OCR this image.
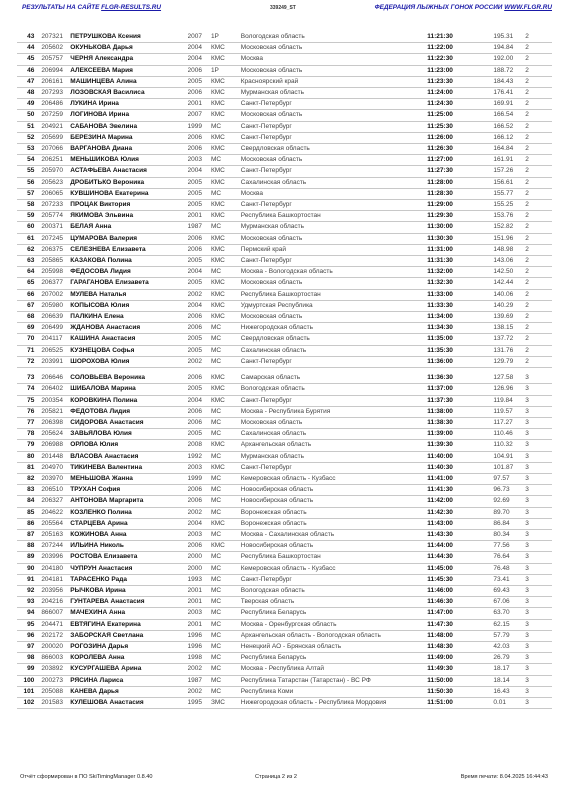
РЕЗУЛЬТАТЫ НА САЙТЕ FLGR-RESULTS.RU	339249_ST	ФЕДЕРАЦИЯ ЛЫЖНЫХ ГОНОК РОССИИ WWW.FLGR.RU
43	207321	ПЕТРУШКОВА Ксения	2007	1Р	Вологодская область	11:21:30	195.31	2
44	205602	ОКУНЬКОВА Дарья	2004	КМС	Московская область	11:22:00	194.84	2
45	205757	ЧЕРНЯ Александра	2004	КМС	Москва	11:22:30	192.00	2
46	206994	АЛЕКСЕЕВА Мария	2006	1Р	Московская область	11:23:00	188.72	2
47	206161	МАШИНЦЕВА Алина	2005	КМС	Красноярский край	11:23:30	184.43	2
48	207293	ЛОЗОВСКАЯ Василиса	2006	КМС	Мурманская область	11:24:00	176.41	2
49	206486	ЛУКИНА Ирина	2001	КМС	Санкт-Петербург	11:24:30	169.91	2
50	207259	ЛОГИНОВА Ирина	2007	КМС	Московская область	11:25:00	166.54	2
51	204921	САБАНОВА Эвелина	1999	МС	Санкт-Петербург	11:25:30	166.52	2
52	205699	БЕРЕЗИНА Марина	2006	КМС	Санкт-Петербург	11:26:00	166.12	2
53	207066	ВАРГАНОВА Диана	2006	КМС	Свердловская область	11:26:30	164.84	2
54	206251	МЕНЬШИКОВА Юлия	2003	МС	Московская область	11:27:00	161.91	2
55	205970	АСТАФЬЕВА Анастасия	2004	КМС	Санкт-Петербург	11:27:30	157.26	2
56	205623	ДРОБИТЬКО Вероника	2005	КМС	Сахалинская область	11:28:00	156.61	2
57	206065	КУВШИНОВА Екатерина	2005	МС	Москва	11:28:30	155.77	2
58	207233	ПРОЦАК Виктория	2005	КМС	Санкт-Петербург	11:29:00	155.25	2
59	205774	ЯКИМОВА Эльвина	2001	КМС	Республика Башкортостан	11:29:30	153.76	2
60	200371	БЕЛАЯ Анна	1987	МС	Мурманская область	11:30:00	152.82	2
61	207245	ЦУМАРОВА Валерия	2006	КМС	Московская область	11:30:30	151.96	2
62	206375	СЕЛЕЗНЕВА Елизавета	2006	КМС	Пермский край	11:31:00	148.98	2
63	205865	КАЗАКОВА Полина	2005	КМС	Санкт-Петербург	11:31:30	143.06	2
64	205998	ФЕДОСОВА Лидия	2004	МС	Москва - Вологодская область	11:32:00	142.50	2
65	206377	ГАРАГАНОВА Елизавета	2005	КМС	Московская область	11:32:30	142.44	2
66	207002	МУЛЕВА Наталья	2002	КМС	Республика Башкортостан	11:33:00	140.06	2
67	205980	КОПЫСОВА Юлия	2004	КМС	Удмуртская Республика	11:33:30	140.29	2
68	206639	ПАЛКИНА Елена	2006	КМС	Московская область	11:34:00	139.69	2
69	206499	ЖДАНОВА Анастасия	2006	МС	Нижегородская область	11:34:30	138.15	2
70	204117	КАШИНА Анастасия	2005	МС	Свердловская область	11:35:00	137.72	2
71	206525	КУЗНЕЦОВА Софья	2005	МС	Сахалинская область	11:35:30	131.76	2
72	203991	ШОРОХОВА Юлия	2002	МС	Санкт-Петербург	11:36:00	129.79	2

73	206646	СОЛОВЬЕВА Вероника	2006	КМС	Самарская область	11:36:30	127.58	3
74	206402	ШИБАЛОВА Марина	2005	КМС	Вологодская область	11:37:00	126.96	3
75	200354	КОРОВКИНА Полина	2004	КМС	Санкт-Петербург	11:37:30	119.84	3
76	205821	ФЕДОТОВА Лидия	2006	МС	Москва - Республика Бурятия	11:38:00	119.57	3
77	206398	СИДОРОВА Анастасия	2006	МС	Московская область	11:38:30	117.27	3
78	205624	ЗАВЬЯЛОВА Юлия	2005	МС	Сахалинская область	11:39:00	110.46	3
79	206988	ОРЛОВА Юлия	2008	КМС	Архангельская область	11:39:30	110.32	3
80	201448	ВЛАСОВА Анастасия	1992	МС	Мурманская область	11:40:00	104.91	3
81	204970	ТИКИНЕВА Валентина	2003	КМС	Санкт-Петербург	11:40:30	101.87	3
82	203970	МЕНЬШОВА Жанна	1999	МС	Кемеровская область - Кузбасс	11:41:00	97.57	3
83	206510	ТРУХАН София	2006	МС	Новосибирская область	11:41:30	96.73	3
84	206327	АНТОНОВА Маргарита	2006	МС	Новосибирская область	11:42:00	92.69	3
85	204622	КОЗЛЕНКО Полина	2002	МС	Воронежская область	11:42:30	89.70	3
86	205564	СТАРЦЕВА Арина	2004	КМС	Воронежская область	11:43:00	86.84	3
87	205163	КОЖИНОВА Анна	2003	МС	Москва - Сахалинская область	11:43:30	80.34	3
88	207244	ИЛЬИНА Николь	2006	КМС	Новосибирская область	11:44:00	77.56	3
89	203996	РОСТОВА Елизавета	2000	МС	Республика Башкортостан	11:44:30	76.64	3
90	204180	ЧУПРУН Анастасия	2000	МС	Кемеровская область - Кузбасс	11:45:00	76.48	3
91	204181	ТАРАСЕНКО Рада	1993	МС	Санкт-Петербург	11:45:30	73.41	3
92	203956	РЫЧКОВА Ирина	2001	МС	Вологодская область	11:46:00	69.43	3
93	204216	ГУНТАРЕВА Анастасия	2001	МС	Тверская область	11:46:30	67.06	3
94	866007	МАЧЕХИНА Анна	2003	МС	Республика Беларусь	11:47:00	63.70	3
95	204471	ЕВТЯГИНА Екатерина	2001	МС	Москва - Оренбургская область	11:47:30	62.15	3
96	202172	ЗАБОРСКАЯ Светлана	1996	МС	Архангельская область - Вологодская область	11:48:00	57.79	3
97	200020	РОГОЗИНА Дарья	1996	МС	Ненецкий АО - Брянская область	11:48:30	42.03	3
98	866003	КОРОЛЕВА Анна	1998	МС	Республика Беларусь	11:49:00	26.79	3
99	203892	КУСУРГАШЕВА Арина	2002	МС	Москва - Республика Алтай	11:49:30	18.17	3
100	200273	РЯСИНА Лариса	1987	МС	Республика Татарстан (Татарстан) - ВС РФ	11:50:00	18.14	3
101	205088	КАНЕВА Дарья	2002	МС	Республика Коми	11:50:30	16.43	3
102	201583	КУЛЕШОВА Анастасия	1995	ЗМС	Нижегородская область - Республика Мордовия	11:51:00	0.01	3
Отчёт сформирован в ПО SkiTimingManager 0.8.40	Страница 2 из 2	Время печати: 8.04.2025 16:44:43
